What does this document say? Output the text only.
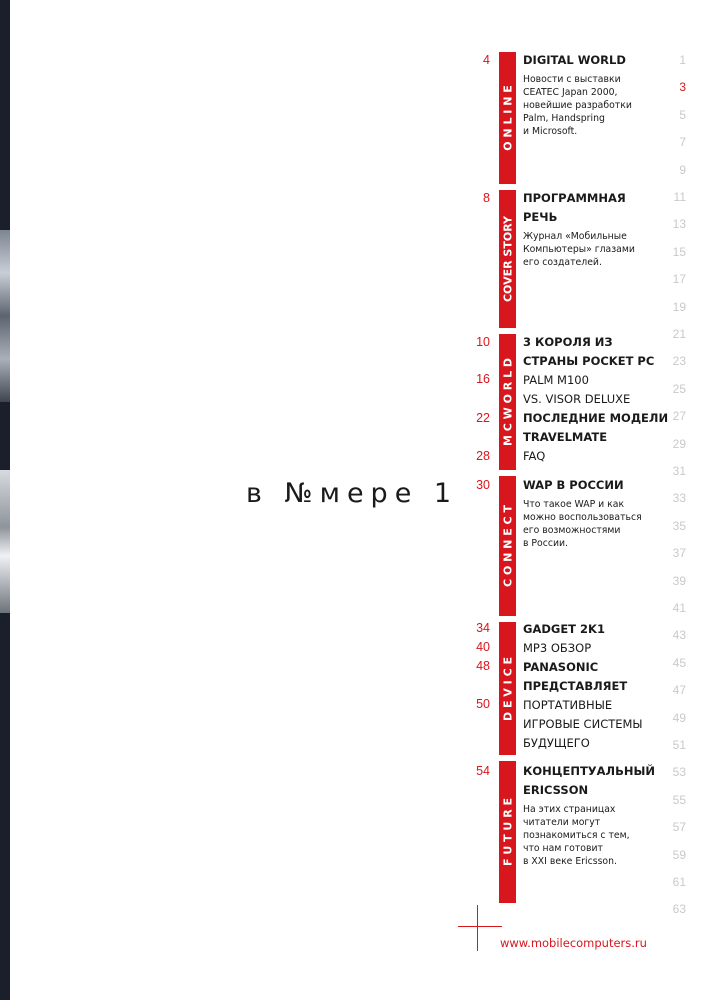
в №мере 1
O N L I N E
COVER STORY
M C W O R L D
C O N N E C T
D E V I C E
F U T U R E
4
8
10
16
22
28
30
34
40
48
50
54
DIGITAL WORLD
Новости с выставки
CEATEC Japan 2000,
новейшие разработки
Palm, Handspring
и Microsoft.
ПРОГРАММНАЯ
РЕЧЬ
Журнал «Мобильные
Компьютеры» глазами
его создателей.
3 КОРОЛЯ ИЗ
СТРАНЫ POCKET PC
PALM M100
VS. VISOR DELUXE
ПОСЛЕДНИЕ МОДЕЛИ
TRAVELMATE
FAQ
WAP В РОССИИ
Что такое WAP и как
можно воспользоваться
его возможностями
в России.
GADGET 2K1
MP3 ОБЗОР
PANASONIC
ПРЕДСТАВЛЯЕТ
ПОРТАТИВНЫЕ
ИГРОВЫЕ СИСТЕМЫ
БУДУЩЕГО
КОНЦЕПТУАЛЬНЫЙ
ERICSSON
На этих страницах
читатели могут
познакомиться с тем,
что нам готовит
в XXI веке Ericsson.
1
3
5
7
9
11
13
15
17
19
21
23
25
27
29
31
33
35
37
39
41
43
45
47
49
51
53
55
57
59
61
63
www.mobilecomputers.ru
